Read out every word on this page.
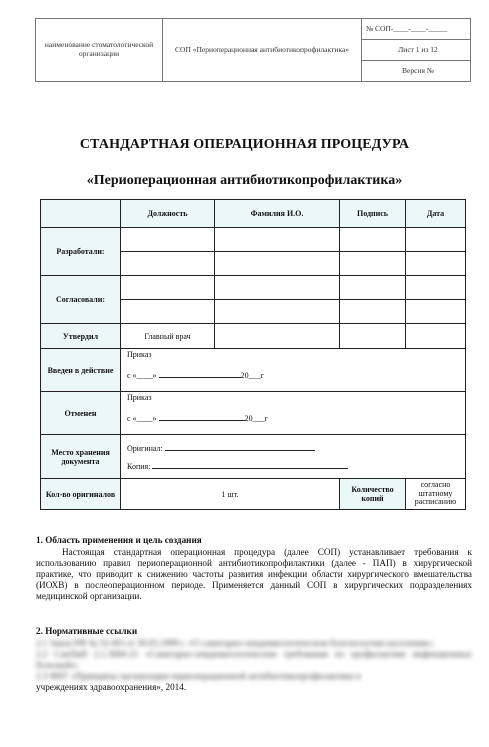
наименование стоматологической организации	СОП «Периоперационная антибиотикопрофилактика»	№ СОП-____-____-_____
Лист 1 из 12
Версия №
СТАНДАРТНАЯ ОПЕРАЦИОННАЯ ПРОЦЕДУРА
«Периоперационная антибиотикопрофилактика»
	Должность	Фамилия И.О.	Подпись	Дата
Разработали:				

Согласовали:				

Утвердил	Главный врач			
Введен в действие	Приказ
с «____» 20___г			

Отменен	Приказ
с «____» 20___г			

Место хранения документа	Оригинал:
Копия:			

Кол-во оригиналов	1 шт.		Количество копий	согласно штатному расписанию
1. Область применения и цель создания
Настоящая стандартная операционная процедура (далее СОП) устанавливает требования к использованию правил периоперационной антибиотикопрофилактики (далее - ПАП) в хирургической практике, что приводит к снижению частоты развития инфекции области хирургического вмешательства (ИОХВ) в послеоперационном периоде. Применяется данный СОП в хирургических подразделениях медицинской организации.
2. Нормативные ссылки
2.1 Закон РФ № 52-ФЗ от 30.03.1999 г. «О санитарно-эпидемиологическом благополучии населения»;
2.2 СанПиН 2.1.3684-21 «Санитарно-эпидемиологические требования по профилактике инфекционных болезней»;
2.3 ФБУ «Принципы организации периоперационной антибиотикопрофилактики в
учреждениях здравоохранения», 2014.
